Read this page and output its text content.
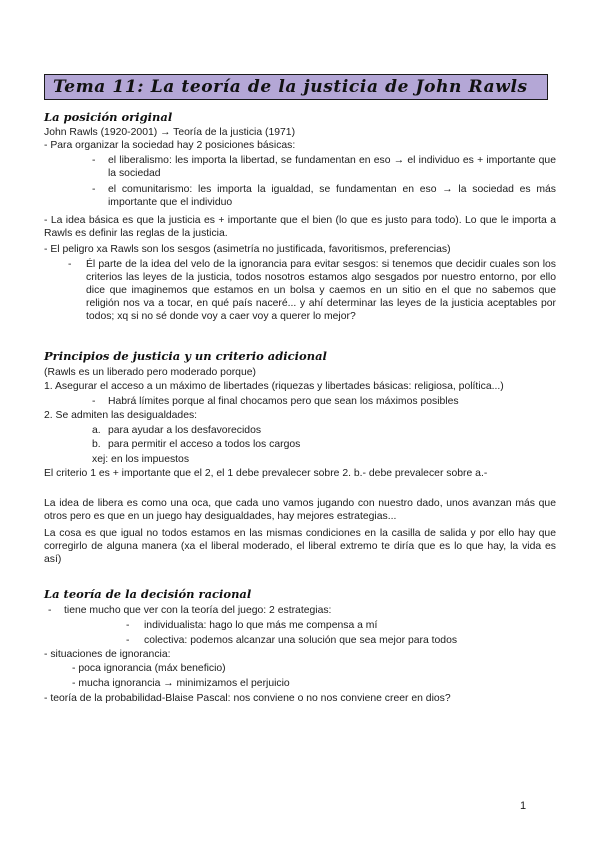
Tema 11: La teoría de la justicia de John Rawls
La posición original
John Rawls (1920-2001) → Teoría de la justicia (1971)
- Para organizar la sociedad hay 2 posiciones básicas:
- el liberalismo: les importa la libertad, se fundamentan en eso → el individuo es + importante que la sociedad
- el comunitarismo: les importa la igualdad, se fundamentan en eso → la sociedad es más importante que el individuo
- La idea básica es que la justicia es + importante que el bien (lo que es justo para todo). Lo que le importa a Rawls es definir las reglas de la justicia.
- El peligro xa Rawls son los sesgos (asimetría no justificada, favoritismos, preferencias)
- Él parte de la idea del velo de la ignorancia para evitar sesgos: si tenemos que decidir cuales son los criterios las leyes de la justicia, todos nosotros estamos algo sesgados por nuestro entorno, por ello dice que imaginemos que estamos en un bolsa y caemos en un sitio en el que no sabemos que religión nos va a tocar, en qué país naceré... y ahí determinar las leyes de la justicia aceptables por todos; xq si no sé donde voy a caer voy a querer lo mejor?
Principios de justicia y un criterio adicional
(Rawls es un liberado pero moderado porque)
1. Asegurar el acceso a un máximo de libertades (riquezas y libertades básicas: religiosa, política...)
- Habrá límites porque al final chocamos pero que sean los máximos posibles
2. Se admiten las desigualdades:
a. para ayudar a los desfavorecidos
b. para permitir el acceso a todos los cargos
xej: en los impuestos
El criterio 1 es + importante que el 2, el 1 debe prevalecer sobre 2. b.- debe prevalecer sobre a.-
La idea de libera es como una oca, que cada uno vamos jugando con nuestro dado, unos avanzan más que otros pero es que en un juego hay desigualdades, hay mejores estrategias...
La cosa es que igual no todos estamos en las mismas condiciones en la casilla de salida y por ello hay que corregirlo de alguna manera (xa el liberal moderado, el liberal extremo te diría que es lo que hay, la vida es así)
La teoría de la decisión racional
- tiene mucho que ver con la teoría del juego: 2 estrategias:
- individualista: hago lo que más me compensa a mí
- colectiva: podemos alcanzar una solución que sea mejor para todos
- situaciones de ignorancia:
- poca ignorancia (máx beneficio)
- mucha ignorancia → minimizamos el perjuicio
- teoría de la probabilidad-Blaise Pascal: nos conviene o no nos conviene creer en dios?
1
